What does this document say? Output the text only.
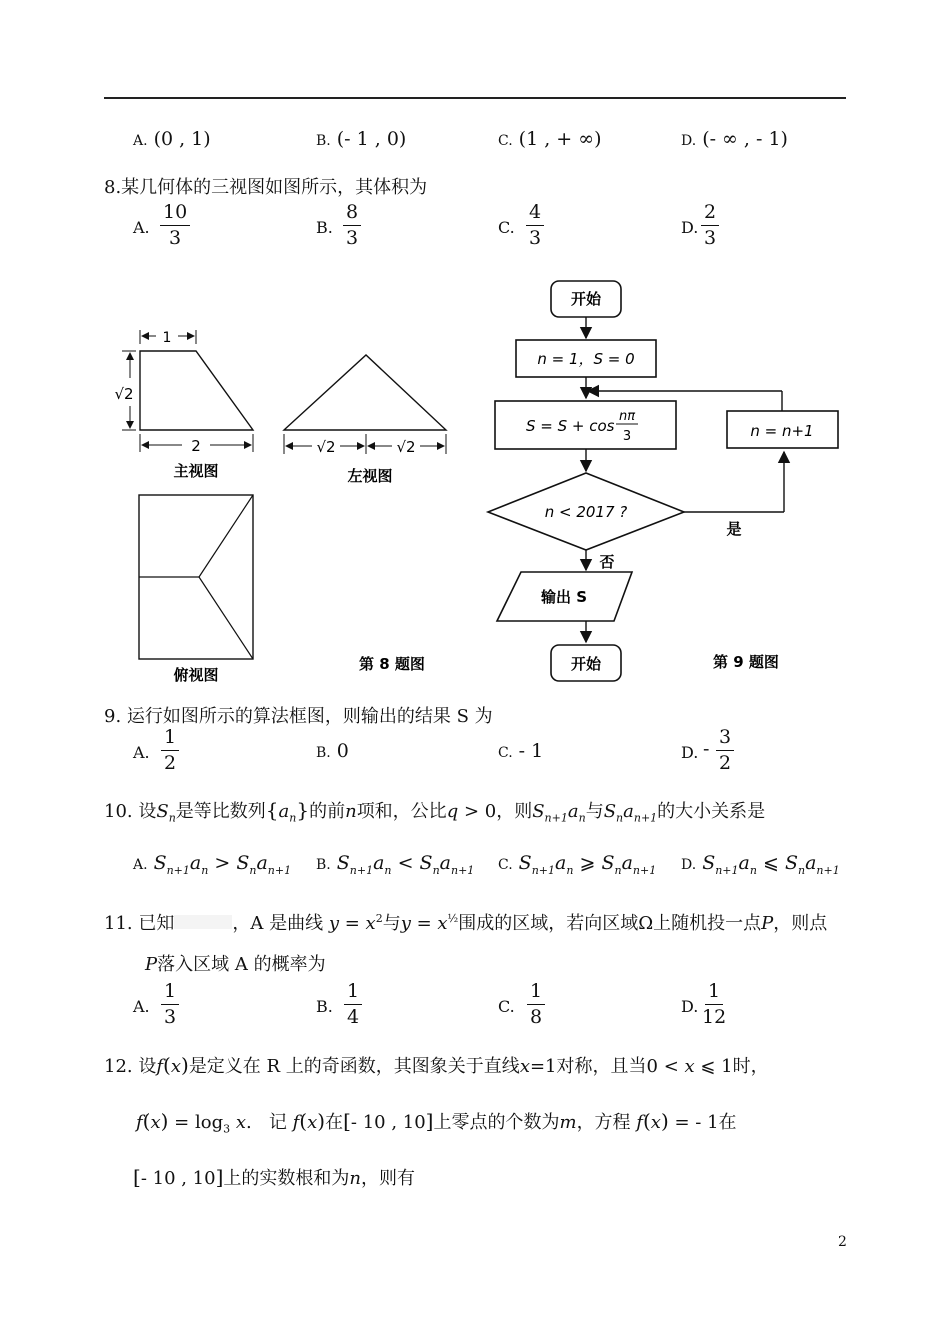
A. (0 , 1)	B. (- 1 , 0)	C. (1 , + ∞)	D. (- ∞ , - 1)
8.某几何体的三视图如图所示，其体积为
A. $\frac{10}{3}$	B. $\frac{8}{3}$	C. $\frac{4}{3}$	D. $\frac{2}{3}$
1
√2
2
主视图
√2	√2
左视图
俯视图
第 8 题图
开始
n = 1，S = 0
S = S + cos
nπ
3
n < 2017 ?
是
n = n+1
否
输出 S
开始	第 9 题图
9. 运行如图所示的算法框图，则输出的结果 S 为
A. $\frac{1}{2}$	B. 0	C. - 1	D. - $\frac{3}{2}$
10. 设$S_n$是等比数列$\{a_n\}$的前n项和，公比q > 0，则$S_{n+1}a_n$与$S_na_{n+1}$的大小关系是
A. $S_{n+1}a_n > S_na_{n+1}$ B. $S_{n+1}a_n < S_na_{n+1}$ C. $S_{n+1}a_n$ ⩾ $S_na_{n+1}$ D. $S_{n+1}a_n$ ⩽ $S_na_{n+1}$
11. 已知	，A 是曲线 $y = x^2$与$y = x^{\frac{1}{2}}$围成的区域，若向区域Ω上随机投一点P，则点
P落入区域 A 的概率为
A. $\frac{1}{3}$	B. $\frac{1}{4}$	C. $\frac{1}{8}$	D. $\frac{1}{12}$
12. 设f(x)是定义在 R 上的奇函数，其图象关于直线x=1对称，且当0 < x ⩽ 1时，
$f(x) = \log_3 x$.   记 f(x)在[- 10 , 10]上零点的个数为m，方程 f(x) = - 1在
[- 10 , 10]上的实数根和为n，则有
2
